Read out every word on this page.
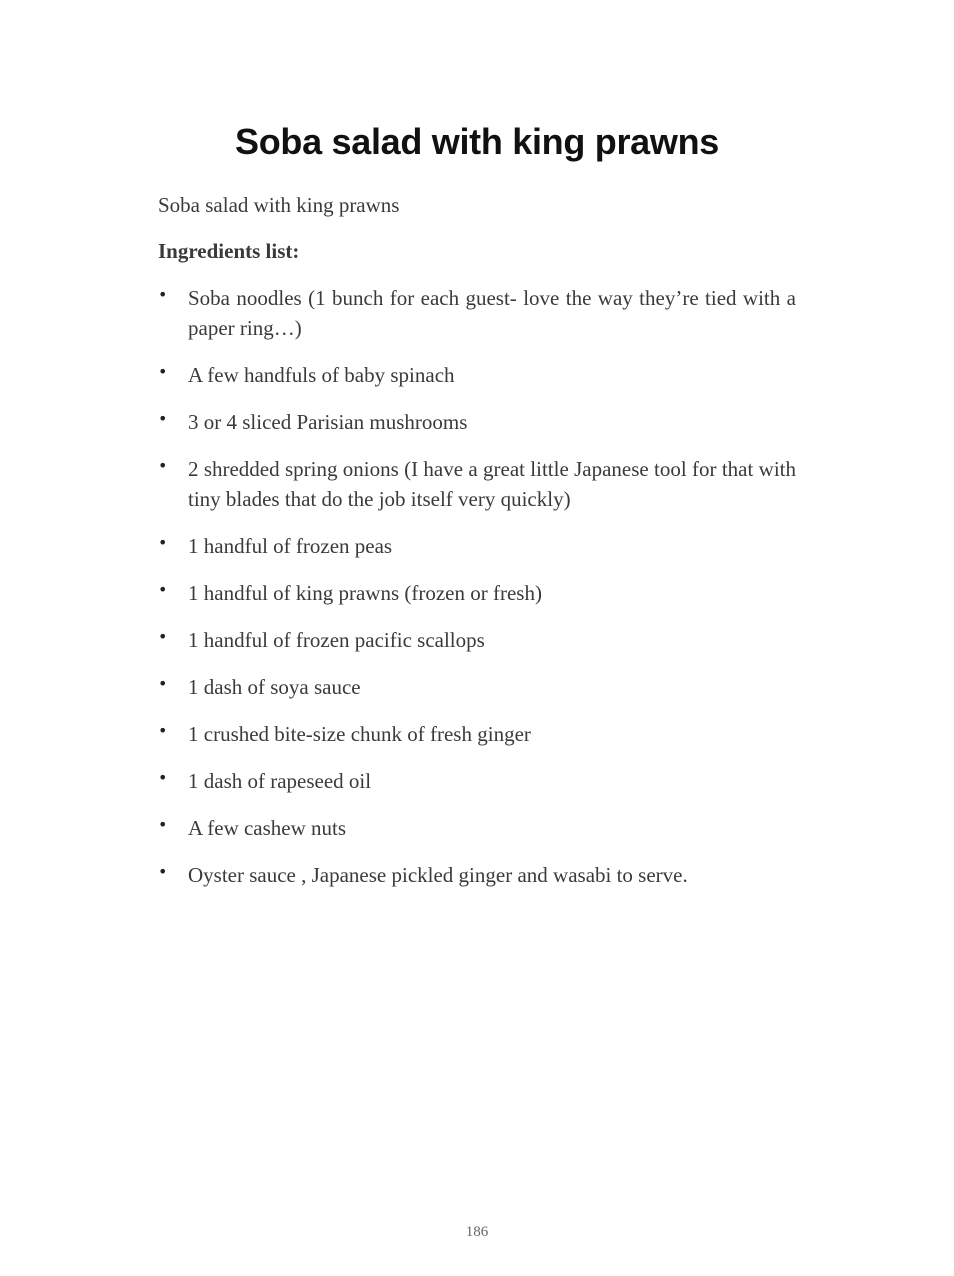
Soba salad with king prawns

Soba salad with king prawns

Ingredients list:

• Soba noodles (1 bunch for each guest- love the way they’re tied with a paper ring…)
• A few handfuls of baby spinach
• 3 or 4 sliced Parisian mushrooms
• 2 shredded spring onions (I have a great little Japanese tool for that with tiny blades that do the job itself very quickly)
• 1 handful of frozen peas
• 1 handful of king prawns (frozen or fresh)
• 1 handful of frozen pacific scallops
• 1 dash of soya sauce
• 1 crushed bite-size chunk of fresh ginger
• 1 dash of rapeseed oil
• A few cashew nuts
• Oyster sauce , Japanese pickled ginger and wasabi to serve.
186
